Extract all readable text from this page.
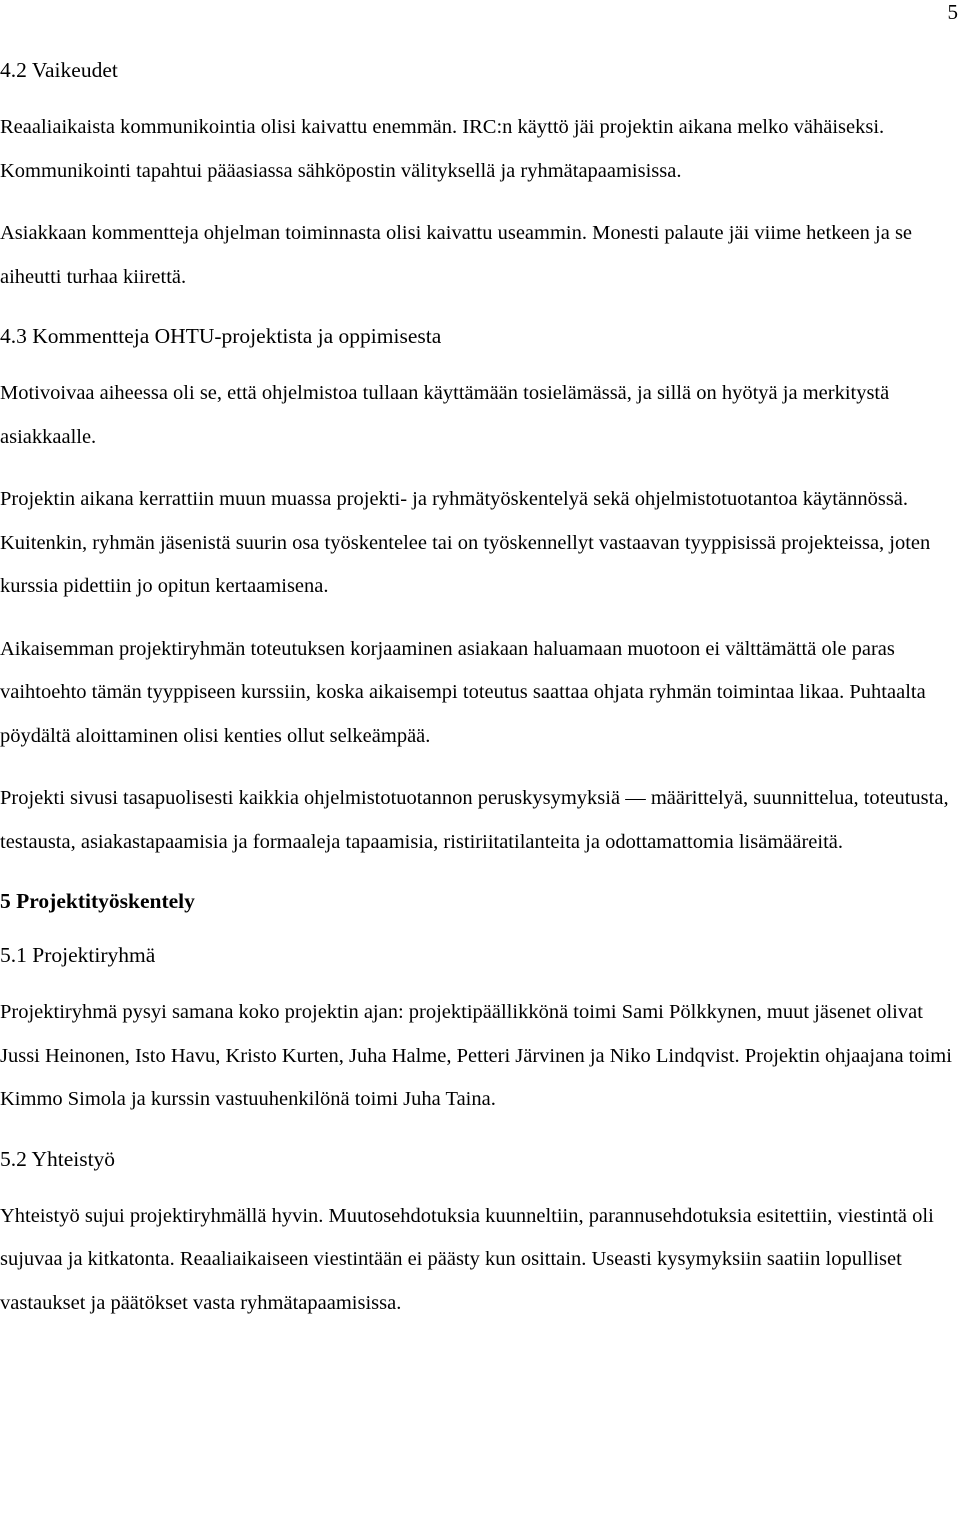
5
4.2 Vaikeudet

Reaaliaikaista kommunikointia olisi kaivattu enemmän. IRC:n käyttö jäi projektin aikana melko vähäiseksi. Kommunikointi tapahtui pääasiassa sähköpostin välityksellä ja ryhmätapaamisissa.

Asiakkaan kommentteja ohjelman toiminnasta olisi kaivattu useammin. Monesti palaute jäi viime hetkeen ja se aiheutti turhaa kiirettä.

4.3 Kommentteja OHTU-projektista ja oppimisesta

Motivoivaa aiheessa oli se, että ohjelmistoa tullaan käyttämään tosielämässä, ja sillä on hyötyä ja merkitystä asiakkaalle.

Projektin aikana kerrattiin muun muassa projekti- ja ryhmätyöskentelyä sekä ohjelmistotuotantoa käytännössä. Kuitenkin, ryhmän jäsenistä suurin osa työskentelee tai on työskennellyt vastaavan tyyppisissä projekteissa, joten kurssia pidettiin jo opitun kertaamisena.

Aikaisemman projektiryhmän toteutuksen korjaaminen asiakaan haluamaan muotoon ei välttämättä ole paras vaihtoehto tämän tyyppiseen kurssiin, koska aikaisempi toteutus saattaa ohjata ryhmän toimintaa likaa. Puhtaalta pöydältä aloittaminen olisi kenties ollut selkeämpää.

Projekti sivusi tasapuolisesti kaikkia ohjelmistotuotannon peruskysymyksiä — määrittelyä, suunnittelua, toteutusta, testausta, asiakastapaamisia ja formaaleja tapaamisia, ristiriitatilanteita ja odottamattomia lisämääreitä.

5 Projektityöskentely
5.1 Projektiryhmä

Projektiryhmä pysyi samana koko projektin ajan: projektipäällikkönä toimi Sami Pölkkynen, muut jäsenet olivat Jussi Heinonen, Isto Havu, Kristo Kurten, Juha Halme, Petteri Järvinen ja Niko Lindqvist. Projektin ohjaajana toimi Kimmo Simola ja kurssin vastuuhenkilönä toimi Juha Taina.

5.2 Yhteistyö

Yhteistyö sujui projektiryhmällä hyvin. Muutosehdotuksia kuunneltiin, parannusehdotuksia esitettiin, viestintä oli sujuvaa ja kitkatonta. Reaaliaikaiseen viestintään ei päästy kun osittain. Useasti kysymyksiin saatiin lopulliset vastaukset ja päätökset vasta ryhmätapaamisissa.
